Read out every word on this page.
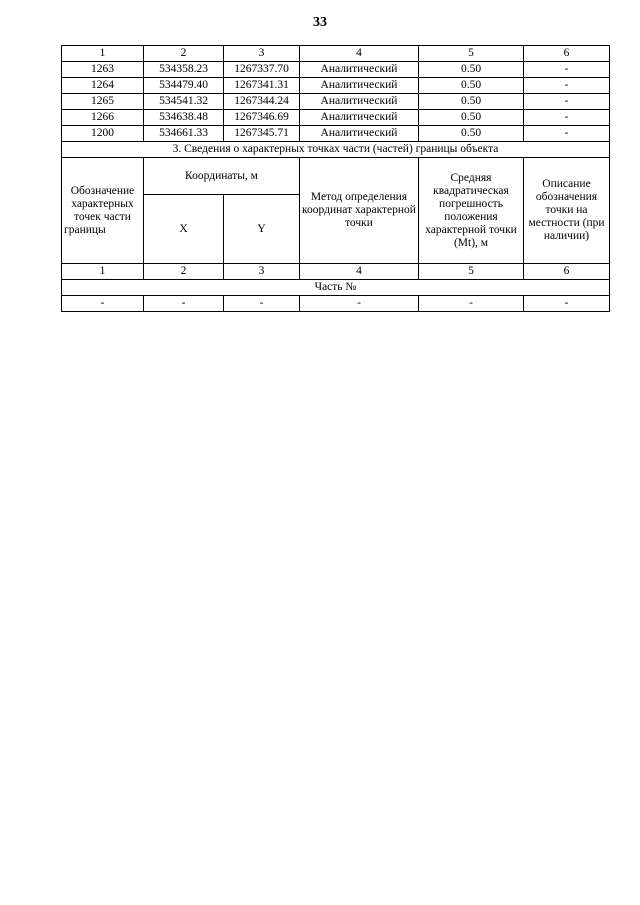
33
1	2	3	4	5	6
1263	534358.23	1267337.70	Аналитический	0.50	-
1264	534479.40	1267341.31	Аналитический	0.50	-
1265	534541.32	1267344.24	Аналитический	0.50	-
1266	534638.48	1267346.69	Аналитический	0.50	-
1200	534661.33	1267345.71	Аналитический	0.50	-
3. Сведения о характерных точках части (частей) границы объекта					
Обозначение характерных точек части границы	Координаты, м		Метод определения координат характерной точки	Средняя квадратическая погрешность положения характерной точки (Mt), м	Описание обозначения точки на местности (при наличии)
	X	Y			
1	2	3	4	5	6
Часть №					
-	-	-	-	-	-
